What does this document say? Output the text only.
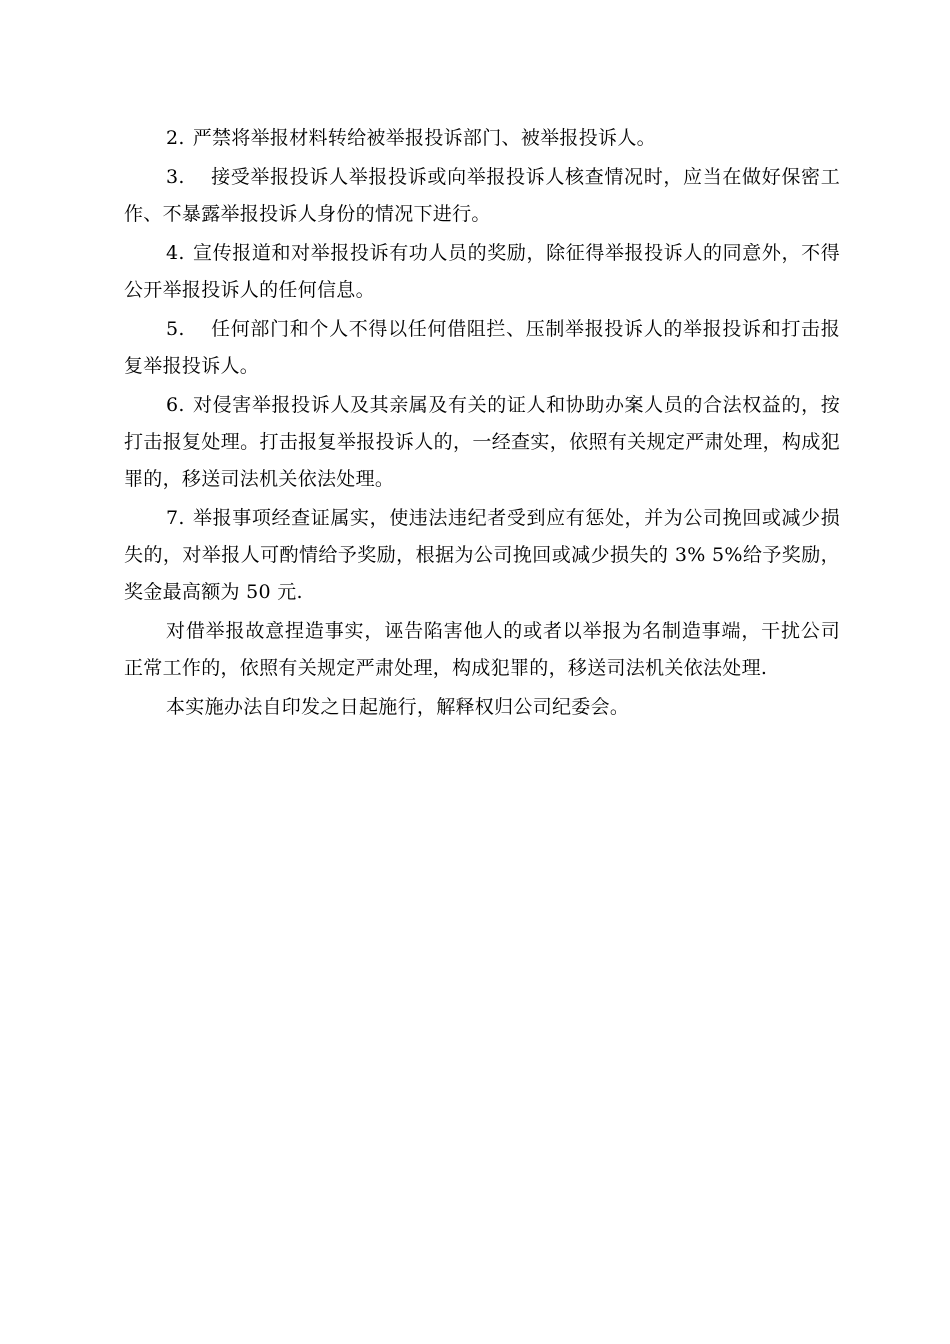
2. 严禁将举报材料转给被举报投诉部门、被举报投诉人。

3. 接受举报投诉人举报投诉或向举报投诉人核查情况时，应当在做好保密工作、不暴露举报投诉人身份的情况下进行。

4. 宣传报道和对举报投诉有功人员的奖励，除征得举报投诉人的同意外，不得公开举报投诉人的任何信息。

5. 任何部门和个人不得以任何借阻拦、压制举报投诉人的举报投诉和打击报复举报投诉人。

6. 对侵害举报投诉人及其亲属及有关的证人和协助办案人员的合法权益的，按打击报复处理。打击报复举报投诉人的，一经查实，依照有关规定严肃处理，构成犯罪的，移送司法机关依法处理。

7. 举报事项经查证属实，使违法违纪者受到应有惩处，并为公司挽回或减少损失的，对举报人可酌情给予奖励，根据为公司挽回或减少损失的 3% 5%给予奖励，奖金最高额为 50 元.

对借举报故意捏造事实，诬告陷害他人的或者以举报为名制造事端，干扰公司正常工作的，依照有关规定严肃处理，构成犯罪的，移送司法机关依法处理.

本实施办法自印发之日起施行，解释权归公司纪委会。
